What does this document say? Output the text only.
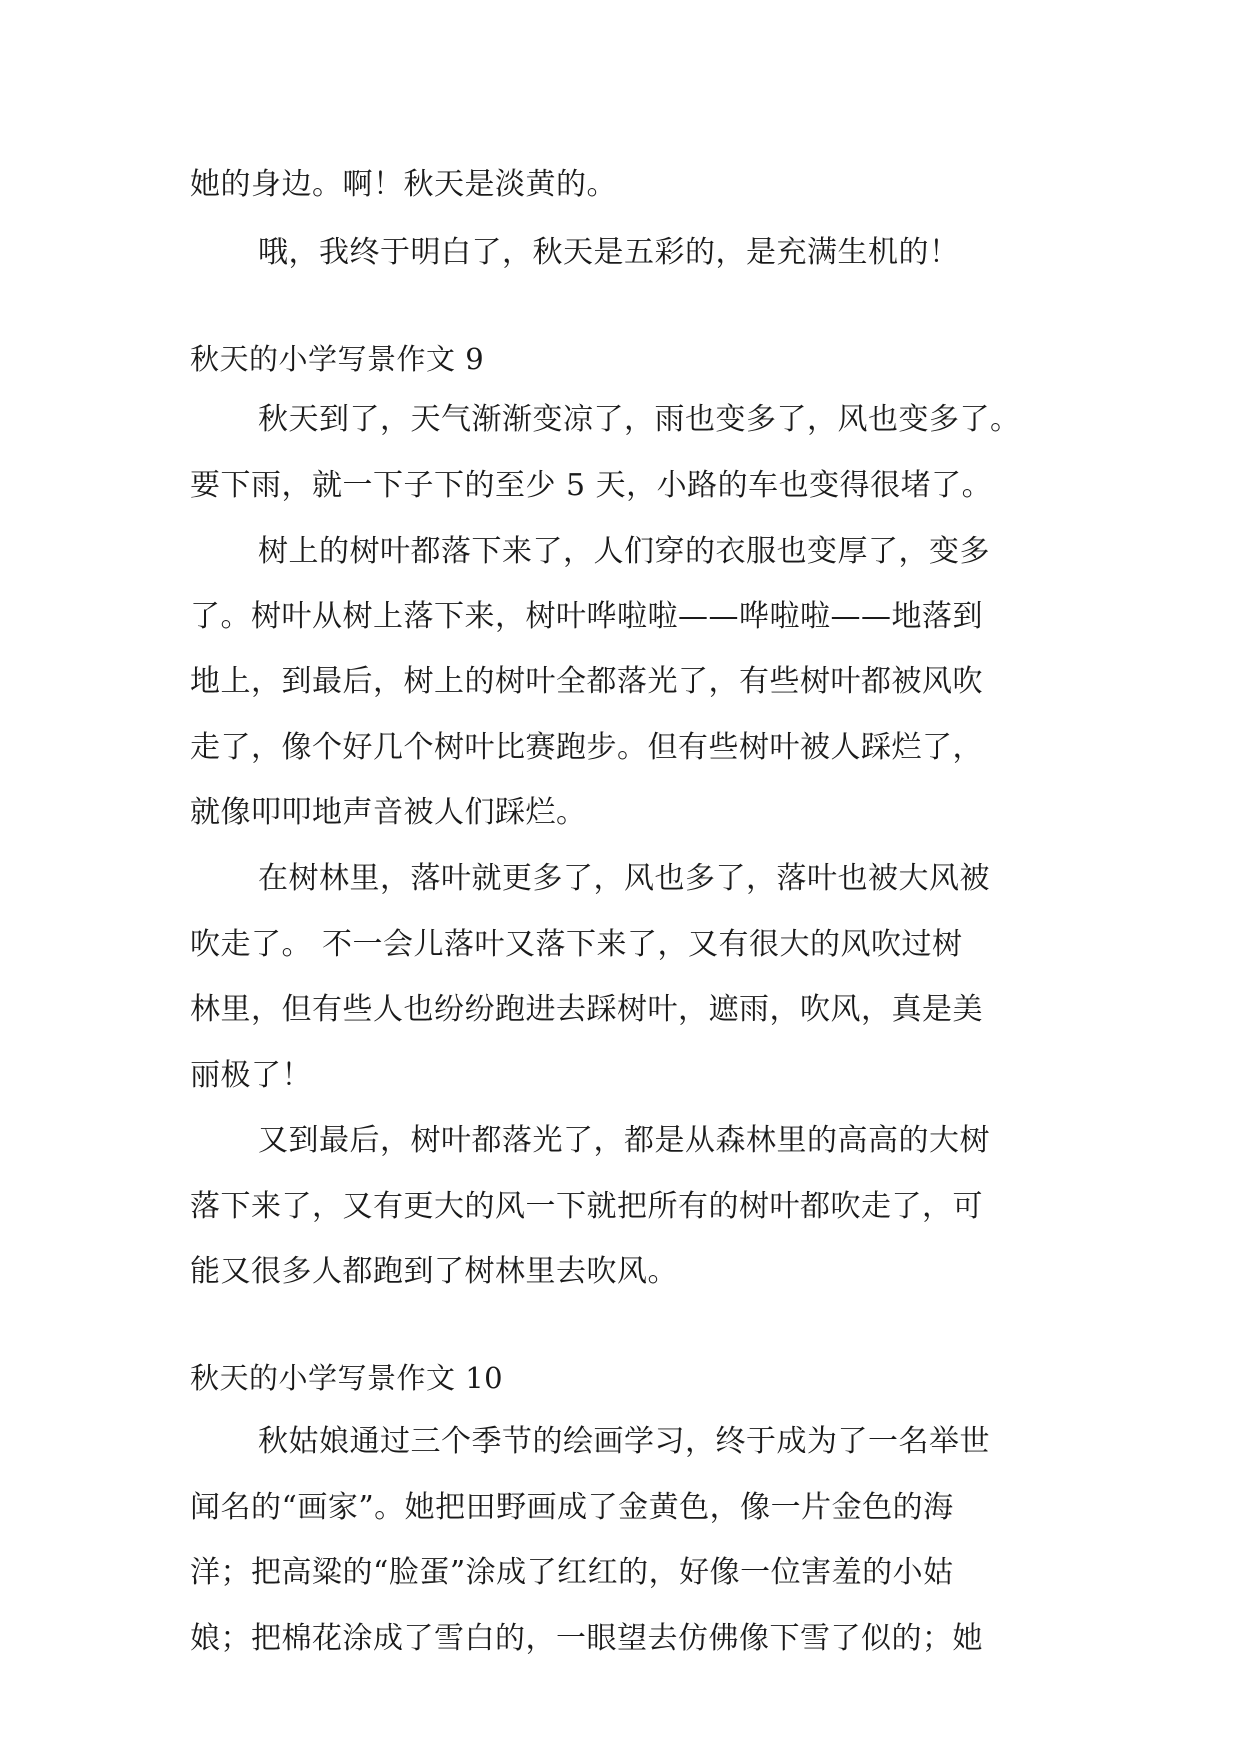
她的身边。啊！秋天是淡黄的。
哦，我终于明白了，秋天是五彩的，是充满生机的！
秋天的小学写景作文 9
秋天到了，天气渐渐变凉了，雨也变多了，风也变多了。
要下雨，就一下子下的至少 5 天，小路的车也变得很堵了。
树上的树叶都落下来了，人们穿的衣服也变厚了，变多
了。树叶从树上落下来，树叶哗啦啦——哗啦啦——地落到
地上，到最后，树上的树叶全都落光了，有些树叶都被风吹
走了，像个好几个树叶比赛跑步。但有些树叶被人踩烂了，
就像叩叩地声音被人们踩烂。
在树林里，落叶就更多了，风也多了，落叶也被大风被
吹走了。 不一会儿落叶又落下来了，又有很大的风吹过树
林里，但有些人也纷纷跑进去踩树叶，遮雨，吹风，真是美
丽极了！
又到最后，树叶都落光了，都是从森林里的高高的大树
落下来了，又有更大的风一下就把所有的树叶都吹走了，可
能又很多人都跑到了树林里去吹风。
秋天的小学写景作文 10
秋姑娘通过三个季节的绘画学习，终于成为了一名举世
闻名的“画家”。她把田野画成了金黄色，像一片金色的海
洋；把高粱的“脸蛋”涂成了红红的，好像一位害羞的小姑
娘；把棉花涂成了雪白的，一眼望去仿佛像下雪了似的；她
